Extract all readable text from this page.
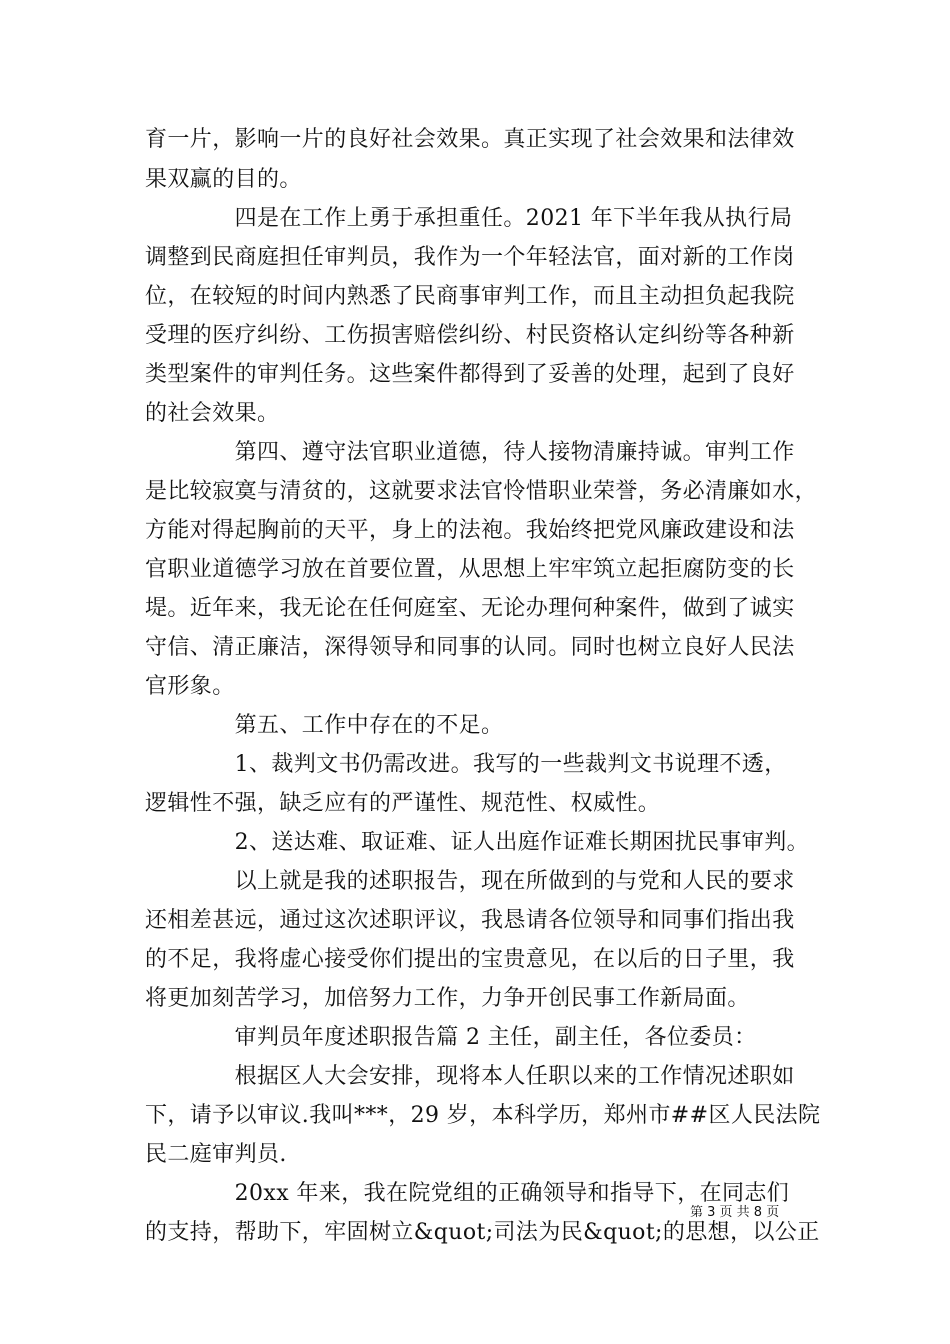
育一片，影响一片的良好社会效果。真正实现了社会效果和法律效
果双赢的目的。
　　　　四是在工作上勇于承担重任。2021 年下半年我从执行局
调整到民商庭担任审判员，我作为一个年轻法官，面对新的工作岗
位，在较短的时间内熟悉了民商事审判工作，而且主动担负起我院
受理的医疗纠纷、工伤损害赔偿纠纷、村民资格认定纠纷等各种新
类型案件的审判任务。这些案件都得到了妥善的处理，起到了良好
的社会效果。
　　　　第四、遵守法官职业道德，待人接物清廉持诚。审判工作
是比较寂寞与清贫的，这就要求法官怜惜职业荣誉，务必清廉如水，
方能对得起胸前的天平，身上的法袍。我始终把党风廉政建设和法
官职业道德学习放在首要位置，从思想上牢牢筑立起拒腐防变的长
堤。近年来，我无论在任何庭室、无论办理何种案件，做到了诚实
守信、清正廉洁，深得领导和同事的认同。同时也树立良好人民法
官形象。
　　　　第五、工作中存在的不足。
　　　　1、裁判文书仍需改进。我写的一些裁判文书说理不透，
逻辑性不强，缺乏应有的严谨性、规范性、权威性。
　　　　2、送达难、取证难、证人出庭作证难长期困扰民事审判。
　　　　以上就是我的述职报告，现在所做到的与党和人民的要求
还相差甚远，通过这次述职评议，我恳请各位领导和同事们指出我
的不足，我将虚心接受你们提出的宝贵意见，在以后的日子里，我
将更加刻苦学习，加倍努力工作，力争开创民事工作新局面。
　　　　审判员年度述职报告篇 2 主任，副主任，各位委员：
　　　　根据区人大会安排，现将本人任职以来的工作情况述职如
下，请予以审议.我叫***，29 岁，本科学历，郑州市##区人民法院
民二庭审判员.
　　　　20xx 年来，我在院党组的正确领导和指导下，在同志们
的支持，帮助下，牢固树立&quot;司法为民&quot;的思想，以公正
第 3 页 共 8 页
